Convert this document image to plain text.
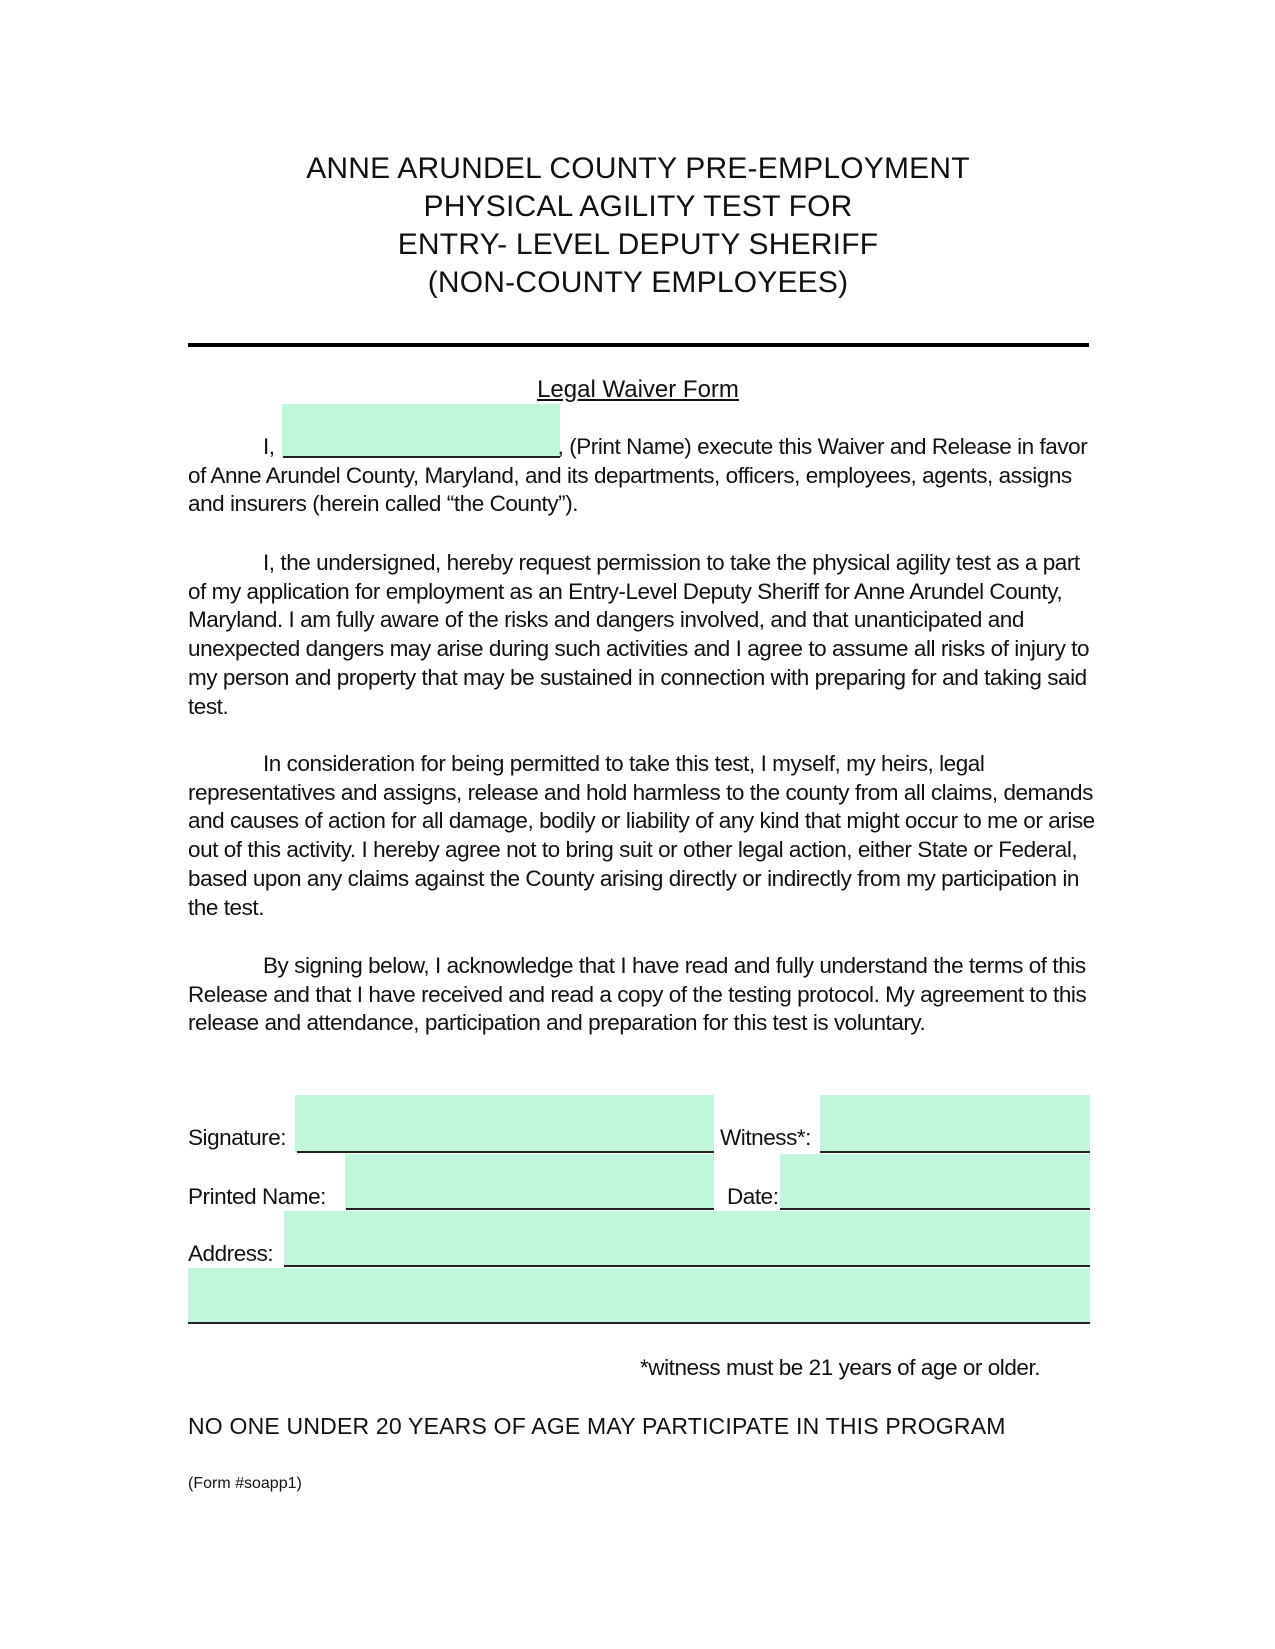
ANNE ARUNDEL COUNTY PRE-EMPLOYMENT
PHYSICAL AGILITY TEST FOR
ENTRY- LEVEL DEPUTY SHERIFF
(NON-COUNTY EMPLOYEES)
Legal Waiver Form
I,	, (Print Name) execute this Waiver and Release in favor of Anne Arundel County, Maryland, and its departments, officers, employees, agents, assigns and insurers (herein called “the County”).
I, the undersigned, hereby request permission to take the physical agility test as a part of my application for employment as an Entry-Level Deputy Sheriff for Anne Arundel County, Maryland. I am fully aware of the risks and dangers involved, and that unanticipated and unexpected dangers may arise during such activities and I agree to assume all risks of injury to my person and property that may be sustained in connection with preparing for and taking said test.
In consideration for being permitted to take this test, I myself, my heirs, legal representatives and assigns, release and hold harmless to the county from all claims, demands and causes of action for all damage, bodily or liability of any kind that might occur to me or arise out of this activity. I hereby agree not to bring suit or other legal action, either State or Federal, based upon any claims against the County arising directly or indirectly from my participation in the test.
By signing below, I acknowledge that I have read and fully understand the terms of this Release and that I have received and read a copy of the testing protocol. My agreement to this release and attendance, participation and preparation for this test is voluntary.
Signature:	Witness*:
Printed Name:	Date:
Address:
*witness must be 21 years of age or older.
NO ONE UNDER 20 YEARS OF AGE MAY PARTICIPATE IN THIS PROGRAM
(Form #soapp1)
